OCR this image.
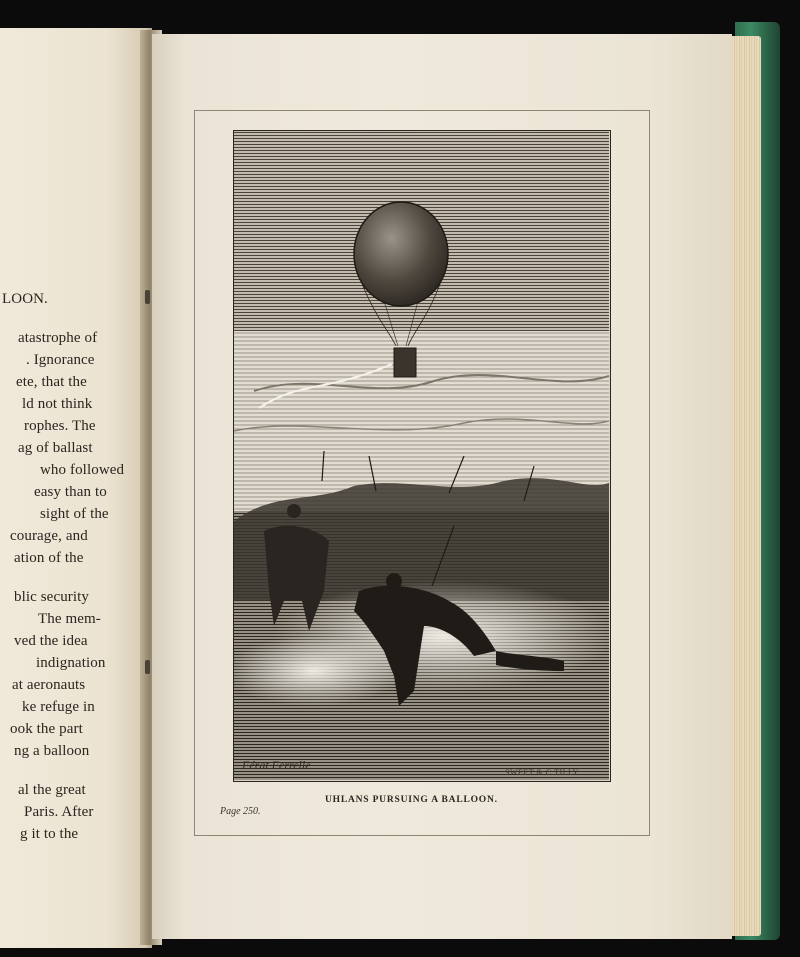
LOON.
atastrophe of
. Ignorance
ete, that the
ld not think
rophes. The
ag of ballast
who followed
easy than to
sight of the
courage, and
ation of the
blic security
The mem-
ved the idea
indignation
at aeronauts
ke refuge in
ook the part
ng a balloon
al the great
Paris. After
g it to the
Férat Ferrelle
SWEET & C.TILLY
UHLANS PURSUING A BALLOON.
Page 250.
